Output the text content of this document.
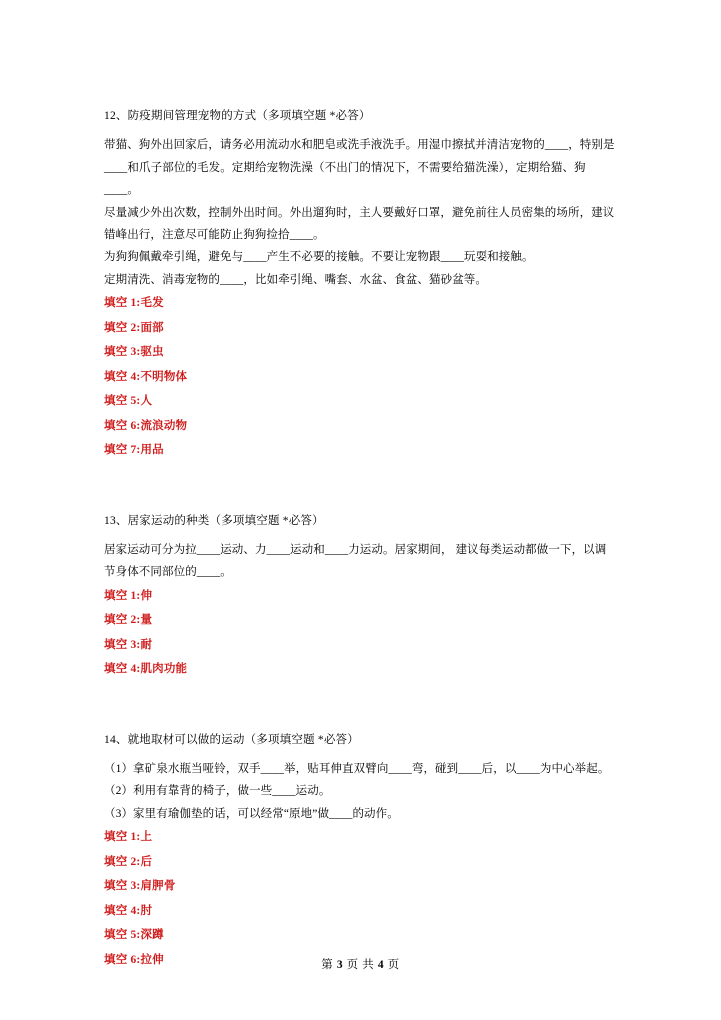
12、防疫期间管理宠物的方式（多项填空题 *必答）

带猫、狗外出回家后，请务必用流动水和肥皂或洗手液洗手。用湿巾擦拭并清洁宠物的____，特别是____和爪子部位的毛发。定期给宠物洗澡（不出门的情况下，不需要给猫洗澡），定期给猫、狗____。

尽量减少外出次数，控制外出时间。外出遛狗时，主人要戴好口罩，避免前往人员密集的场所，建议错峰出行，注意尽可能防止狗狗捡拾____。

为狗狗佩戴牵引绳，避免与____产生不必要的接触。不要让宠物跟____玩耍和接触。

定期清洗、消毒宠物的____，比如牵引绳、嘴套、水盆、食盆、猫砂盆等。

填空 1:毛发

填空 2:面部

填空 3:驱虫

填空 4:不明物体

填空 5:人

填空 6:流浪动物

填空 7:用品

13、居家运动的种类（多项填空题 *必答）

居家运动可分为拉____运动、力____运动和____力运动。居家期间， 建议每类运动都做一下，以调节身体不同部位的____。

填空 1:伸

填空 2:量

填空 3:耐

填空 4:肌肉功能

14、就地取材可以做的运动（多项填空题 *必答）

（1）拿矿泉水瓶当哑铃，双手____举，贴耳伸直双臂向____弯，碰到____后，以____为中心举起。

（2）利用有靠背的椅子，做一些____运动。

（3）家里有瑜伽垫的话，可以经常“原地”做____的动作。

填空 1:上

填空 2:后

填空 3:肩胛骨

填空 4:肘

填空 5:深蹲

填空 6:拉伸	第 3 页 共 4 页
